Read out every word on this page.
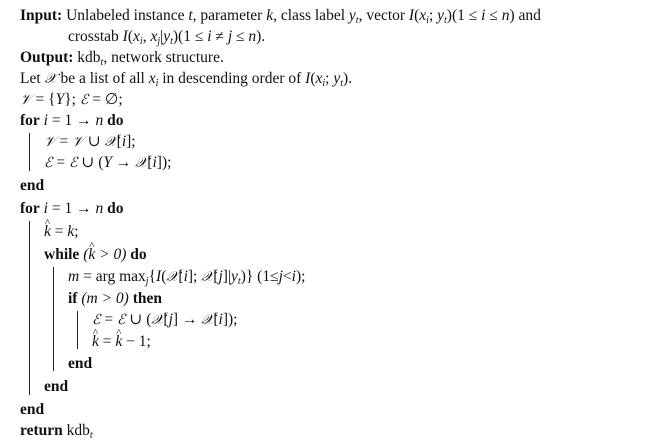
Input: Unlabeled instance t, parameter k, class label $y_t$, vector $I(x_i$; $y_t)(1 \le i \le n)$ and
crosstab $I(x_i$, $x_j|y_t)(1 \le i \ne j \le n)$.
Output: kdb$_t$, network structure.
Let 𝒳 be a list of all $x_i$ in descending order of $I(x_i$; $y_t$).
𝒱 = {Y}; ℰ = ∅;
for i = 1 → n do
𝒱 = 𝒱 ∪ 𝒳[i];
ℰ = ℰ ∪ (Y → 𝒳[i]);
end
for i = 1 → n do
^ k = k;
while (^ k > 0) do
m = arg $\max_j\{I(𝒳[i]$; $𝒳[j]|y_t$)} (1≤j<i);
if (m > 0) then
ℰ = ℰ ∪ (𝒳[j] → 𝒳[i]);
^ k = ^ k − 1;
end
end
end
return kdb$_t$
